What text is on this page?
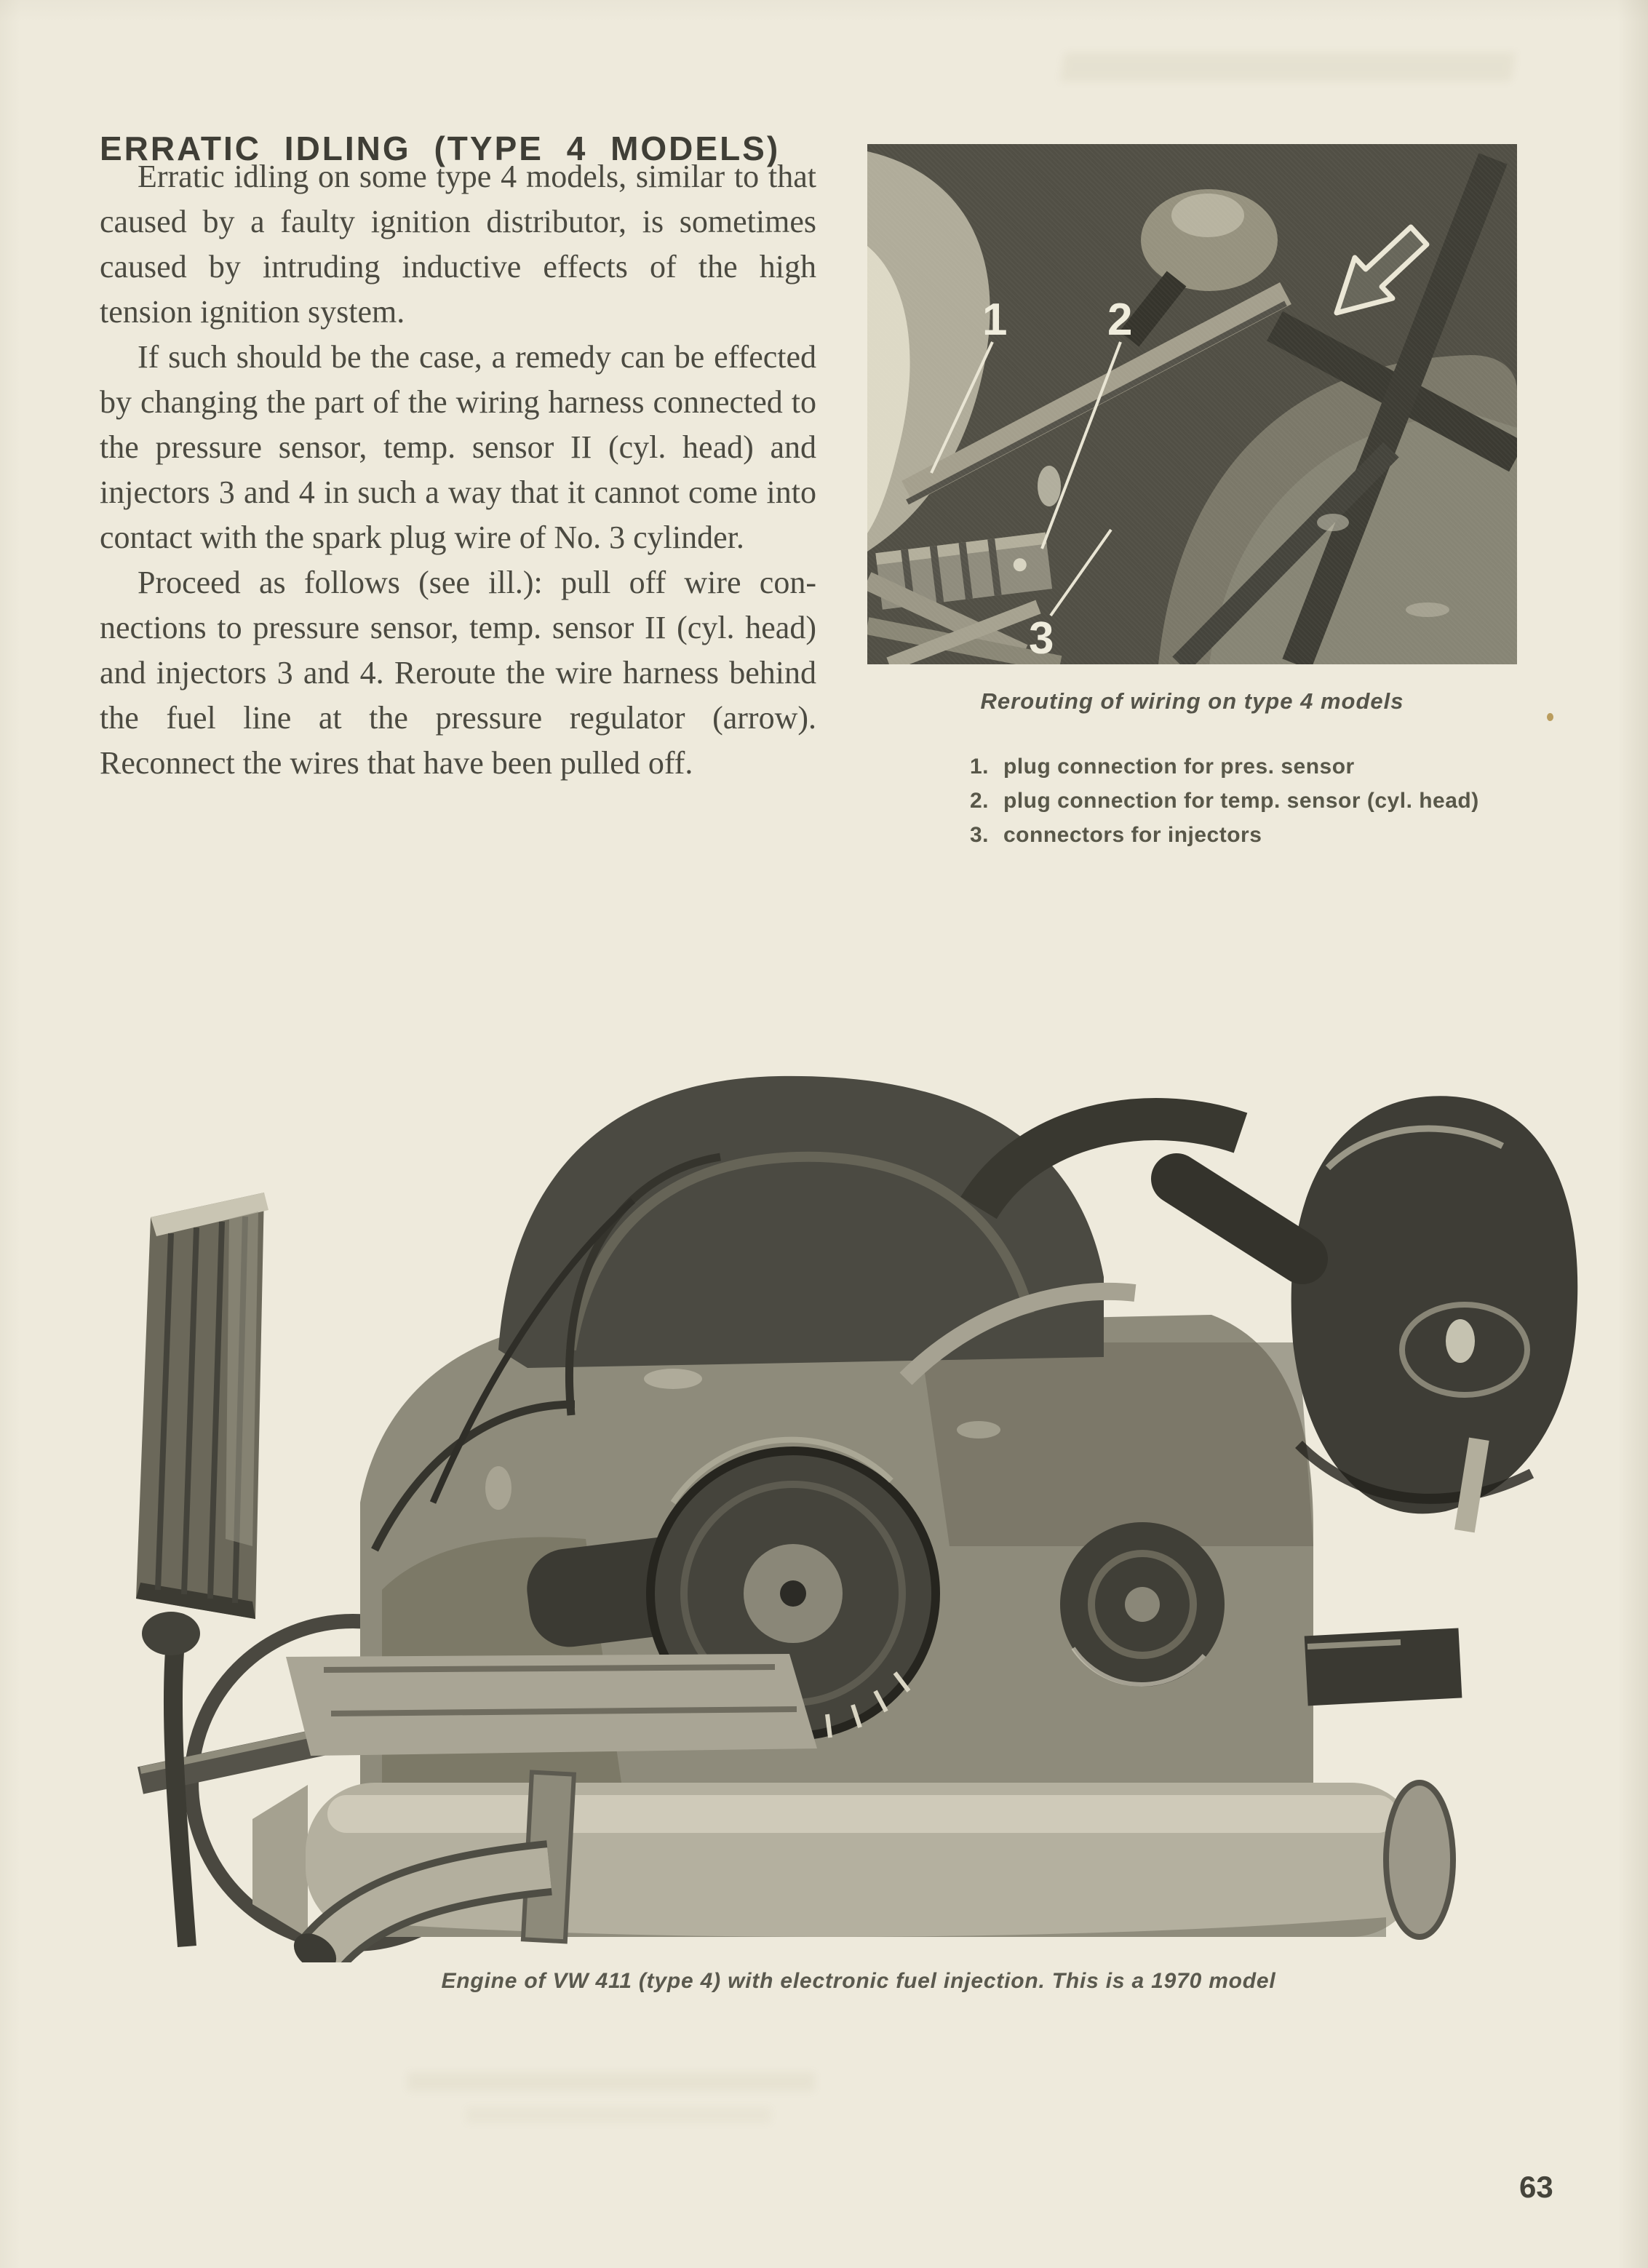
ERRATIC IDLING (TYPE 4 MODELS)

Erratic idling on some type 4 models, similar to that caused by a faulty ignition distributor, is sometimes caused by intruding inductive effects of the high tension ignition system.

If such should be the case, a remedy can be effected by changing the part of the wiring harness connected to the pressure sensor, temp. sensor II (cyl. head) and injectors 3 and 4 in such a way that it cannot come into contact with the spark plug wire of No. 3 cylinder.

Proceed as follows (see ill.): pull off wire connections to pressure sensor, temp. sensor II (cyl. head) and injectors 3 and 4. Reroute the wire harness behind the fuel line at the pressure regulator (arrow). Reconnect the wires that have been pulled off.

1 2
3
Rerouting of wiring on type 4 models
1. plug connection for pres. sensor
2. plug connection for temp. sensor (cyl. head)
3. connectors for injectors
Engine of VW 411 (type 4) with electronic fuel injection. This is a 1970 model
63
